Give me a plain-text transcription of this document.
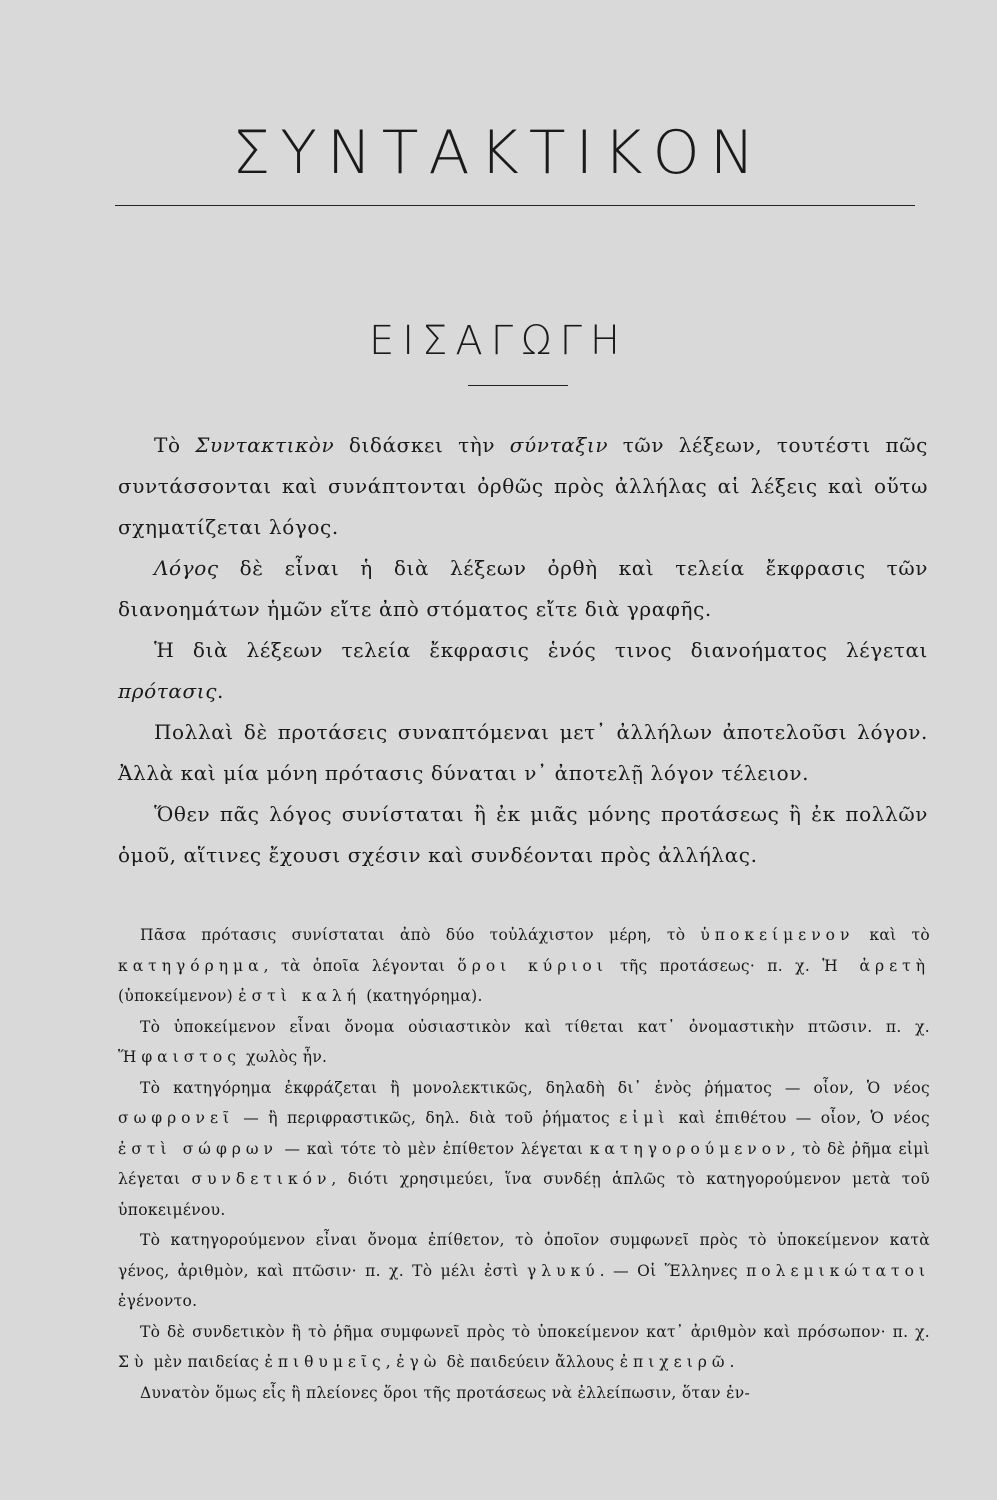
ΣΥΝΤΑΚΤΙΚΟΝ
ΕΙΣΑΓΩΓΗ

Τὸ Συντακτικὸν διδάσκει τὴν σύνταξιν τῶν λέξεων, τουτέστι πῶς συντάσσονται καὶ συνάπτονται ὀρθῶς πρὸς ἀλλήλας αἱ λέξεις καὶ οὕτω σχηματίζεται λόγος.

Λόγος δὲ εἶναι ἡ διὰ λέξεων ὀρθὴ καὶ τελεία ἔκφρασις τῶν διανοημάτων ἡμῶν εἴτε ἀπὸ στόματος εἴτε διὰ γραφῆς.

Ἡ διὰ λέξεων τελεία ἔκφρασις ἑνός τινος διανοήματος λέγεται πρότασις.

Πολλαὶ δὲ προτάσεις συναπτόμεναι μετ᾽ ἀλλήλων ἀποτελοῦσι λόγον. Ἀλλὰ καὶ μία μόνη πρότασις δύναται ν᾽ ἀποτελῇ λόγον τέλειον.

Ὅθεν πᾶς λόγος συνίσταται ἢ ἐκ μιᾶς μόνης προτάσεως ἢ ἐκ πολλῶν ὁμοῦ, αἵτινες ἔχουσι σχέσιν καὶ συνδέονται πρὸς ἀλλήλας.

Πᾶσα πρότασις συνίσταται ἀπὸ δύο τοὐλάχιστον μέρη, τὸ ὑποκείμενον καὶ τὸ κατηγόρημα, τὰ ὁποῖα λέγονται ὅροι κύριοι τῆς προτάσεως· π. χ. Ἡ ἀρετὴ (ὑποκείμενον) ἐστὶ καλή (κατηγόρημα).

Τὸ ὑποκείμενον εἶναι ὄνομα οὐσιαστικὸν καὶ τίθεται κατ᾽ ὀνομαστικὴν πτῶσιν. π. χ. Ἥφαιστος χωλὸς ἦν.

Τὸ κατηγόρημα ἐκφράζεται ἢ μονολεκτικῶς, δηλαδὴ δι᾽ ἑνὸς ῥήματος — οἷον, Ὁ νέος σωφρονεῖ — ἢ περιφραστικῶς, δηλ. διὰ τοῦ ῥήματος εἰμὶ καὶ ἐπιθέτου — οἷον, Ὁ νέος ἐστὶ σώφρων — καὶ τότε τὸ μὲν ἐπίθετον λέγεται κατηγορούμενον, τὸ δὲ ῥῆμα εἰμὶ λέγεται συνδετικόν, διότι χρησιμεύει, ἵνα συνδέῃ ἁπλῶς τὸ κατηγορούμενον μετὰ τοῦ ὑποκειμένου.

Τὸ κατηγορούμενον εἶναι ὄνομα ἐπίθετον, τὸ ὁποῖον συμφωνεῖ πρὸς τὸ ὑποκείμενον κατὰ γένος, ἀριθμὸν, καὶ πτῶσιν· π. χ. Τὸ μέλι ἐστὶ γλυκύ. — Οἱ Ἕλληνες πολεμικώτατοι ἐγένοντο.

Τὸ δὲ συνδετικὸν ἢ τὸ ῥῆμα συμφωνεῖ πρὸς τὸ ὑποκείμενον κατ᾽ ἀριθμὸν καὶ πρόσωπον· π. χ. Σὺ μὲν παιδείας ἐπιθυμεῖς, ἐγὼ δὲ παιδεύειν ἄλλους ἐπιχειρῶ.

Δυνατὸν ὅμως εἷς ἢ πλείονες ὅροι τῆς προτάσεως νὰ ἐλλείπωσιν, ὅταν ἐν-
